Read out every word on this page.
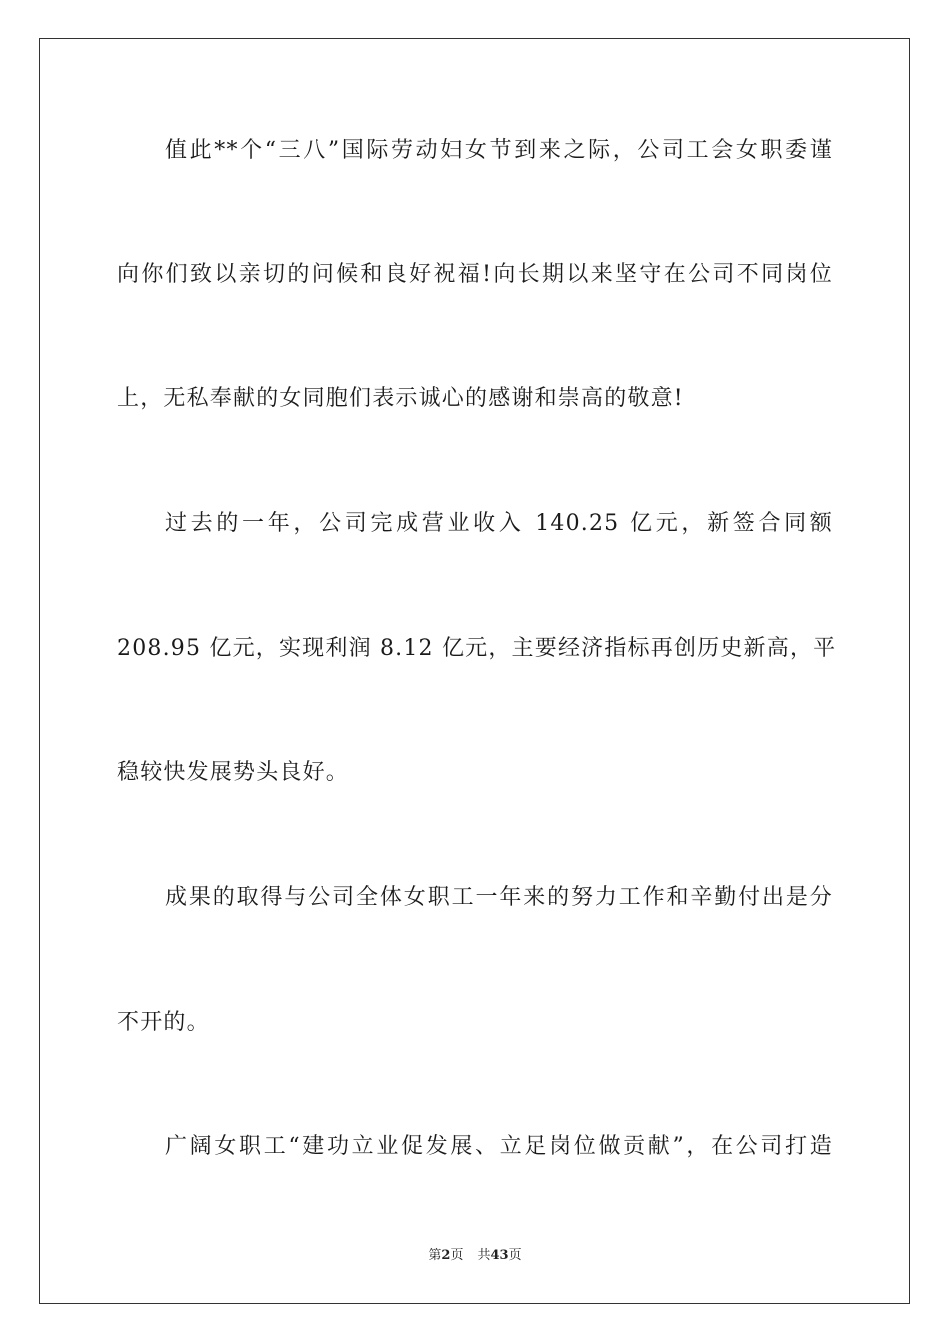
值此**个“三八”国际劳动妇女节到来之际，公司工会女职委谨
向你们致以亲切的问候和良好祝福!向长期以来坚守在公司不同岗位
上，无私奉献的女同胞们表示诚心的感谢和崇高的敬意!
过去的一年，公司完成营业收入 140.25 亿元，新签合同额
208.95 亿元，实现利润 8.12 亿元，主要经济指标再创历史新高，平
稳较快发展势头良好。
成果的取得与公司全体女职工一年来的努力工作和辛勤付出是分
不开的。
广阔女职工“建功立业促发展、立足岗位做贡献”，在公司打造
第2页 共43页
